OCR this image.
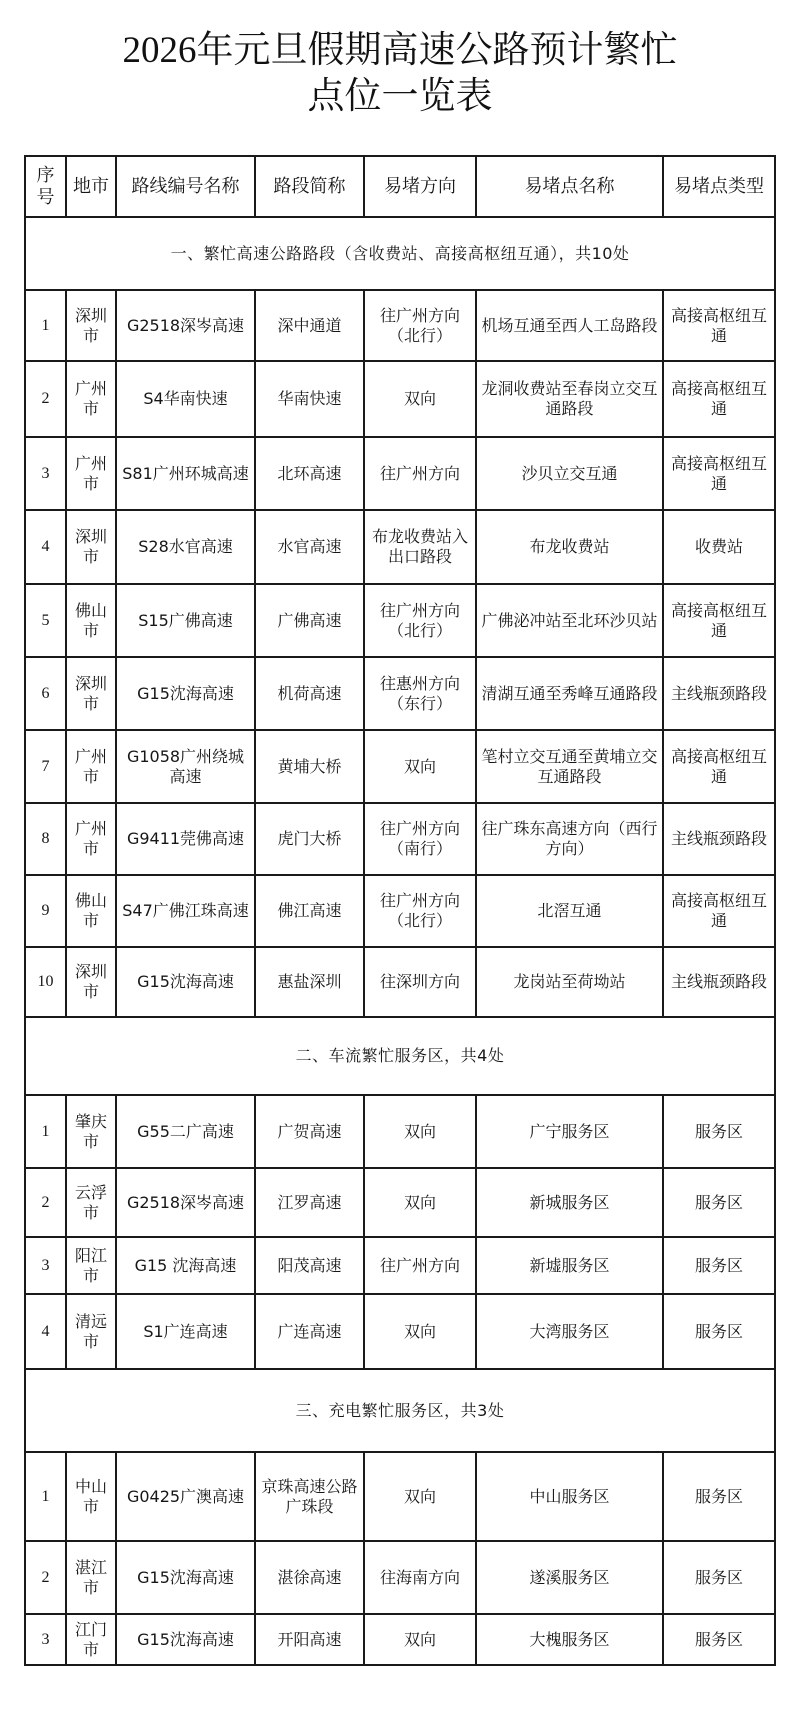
2026年元旦假期高速公路预计繁忙
点位一览表
序号	地市	路线编号名称	路段简称	易堵方向	易堵点名称	易堵点类型
一、繁忙高速公路路段（含收费站、高接高枢纽互通），共10处						
1	深圳市	G2518深岑高速	深中通道	往广州方向（北行）	机场互通至西人工岛路段	高接高枢纽互通
2	广州市	S4华南快速	华南快速	双向	龙洞收费站至春岗立交互通路段	高接高枢纽互通
3	广州市	S81广州环城高速	北环高速	往广州方向	沙贝立交互通	高接高枢纽互通
4	深圳市	S28水官高速	水官高速	布龙收费站入出口路段	布龙收费站	收费站
5	佛山市	S15广佛高速	广佛高速	往广州方向（北行）	广佛泌冲站至北环沙贝站	高接高枢纽互通
6	深圳市	G15沈海高速	机荷高速	往惠州方向（东行）	清湖互通至秀峰互通路段	主线瓶颈路段
7	广州市	G1058广州绕城高速	黄埔大桥	双向	笔村立交互通至黄埔立交互通路段	高接高枢纽互通
8	广州市	G9411莞佛高速	虎门大桥	往广州方向（南行）	往广珠东高速方向（西行方向）	主线瓶颈路段
9	佛山市	S47广佛江珠高速	佛江高速	往广州方向（北行）	北滘互通	高接高枢纽互通
10	深圳市	G15沈海高速	惠盐深圳	往深圳方向	龙岗站至荷坳站	主线瓶颈路段
二、车流繁忙服务区，共4处						
1	肇庆市	G55二广高速	广贺高速	双向	广宁服务区	服务区
2	云浮市	G2518深岑高速	江罗高速	双向	新城服务区	服务区
3	阳江市	G15 沈海高速	阳茂高速	往广州方向	新墟服务区	服务区
4	清远市	S1广连高速	广连高速	双向	大湾服务区	服务区
三、充电繁忙服务区，共3处						
1	中山市	G0425广澳高速	京珠高速公路广珠段	双向	中山服务区	服务区
2	湛江市	G15沈海高速	湛徐高速	往海南方向	遂溪服务区	服务区
3	江门市	G15沈海高速	开阳高速	双向	大槐服务区	服务区
